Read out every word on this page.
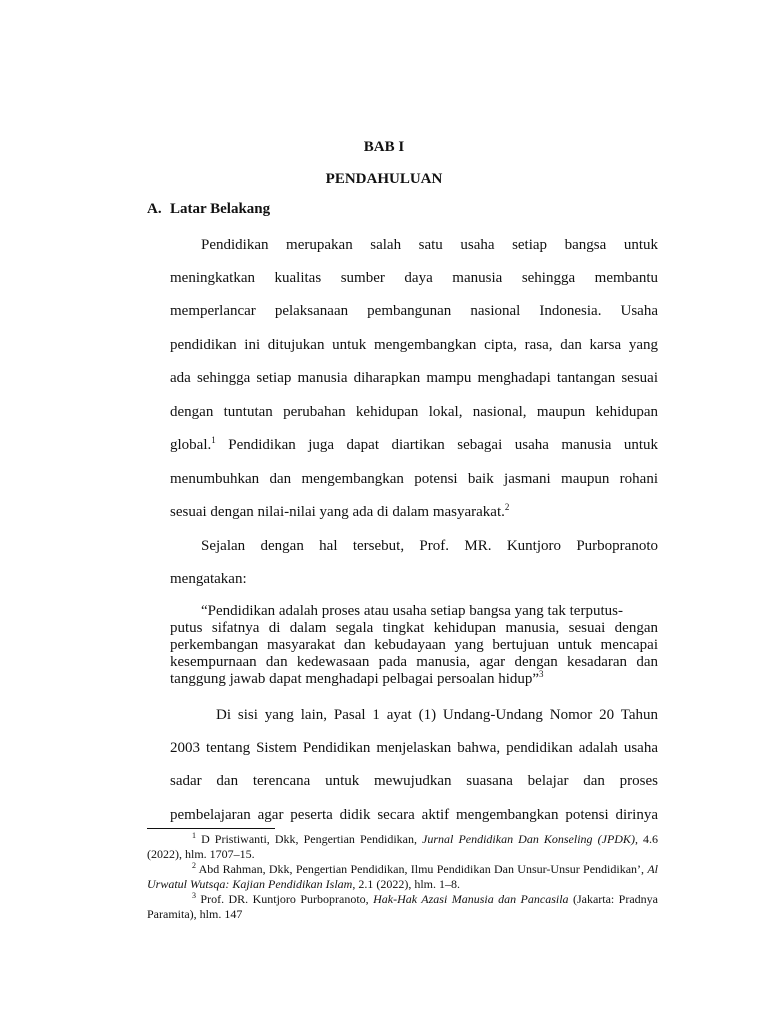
BAB I
PENDAHULUAN
A. Latar Belakang
Pendidikan merupakan salah satu usaha setiap bangsa untuk
meningkatkan kualitas sumber daya manusia sehingga membantu
memperlancar pelaksanaan pembangunan nasional Indonesia. Usaha
pendidikan ini ditujukan untuk mengembangkan cipta, rasa, dan karsa yang
ada sehingga setiap manusia diharapkan mampu menghadapi tantangan sesuai
dengan tuntutan perubahan kehidupan lokal, nasional, maupun kehidupan
global.$^1$ Pendidikan juga dapat diartikan sebagai usaha manusia untuk
menumbuhkan dan mengembangkan potensi baik jasmani maupun rohani
sesuai dengan nilai-nilai yang ada di dalam masyarakat.$^2$
Sejalan dengan hal tersebut, Prof. MR. Kuntjoro Purbopranoto
mengatakan:
“Pendidikan adalah proses atau usaha setiap bangsa yang tak terputus-
putus sifatnya di dalam segala tingkat kehidupan manusia, sesuai dengan perkembangan masyarakat dan kebudayaan yang bertujuan untuk mencapai kesempurnaan dan kedewasaan pada manusia, agar dengan kesadaran dan tanggung jawab dapat menghadapi pelbagai persoalan hidup”$^3$
Di sisi yang lain, Pasal 1 ayat (1) Undang-Undang Nomor 20 Tahun
2003 tentang Sistem Pendidikan menjelaskan bahwa, pendidikan adalah usaha
sadar dan terencana untuk mewujudkan suasana belajar dan proses
pembelajaran agar peserta didik secara aktif mengembangkan potensi dirinya
$^1$ D Pristiwanti, Dkk, Pengertian Pendidikan, Jurnal Pendidikan Dan Konseling (JPDK), 4.6 (2022), hlm. 1707–15.
$^2$ Abd Rahman, Dkk, Pengertian Pendidikan, Ilmu Pendidikan Dan Unsur-Unsur Pendidikan’, Al Urwatul Wutsqa: Kajian Pendidikan Islam, 2.1 (2022), hlm. 1–8.
$^3$ Prof. DR. Kuntjoro Purbopranoto, Hak-Hak Azasi Manusia dan Pancasila (Jakarta: Pradnya Paramita), hlm. 147
